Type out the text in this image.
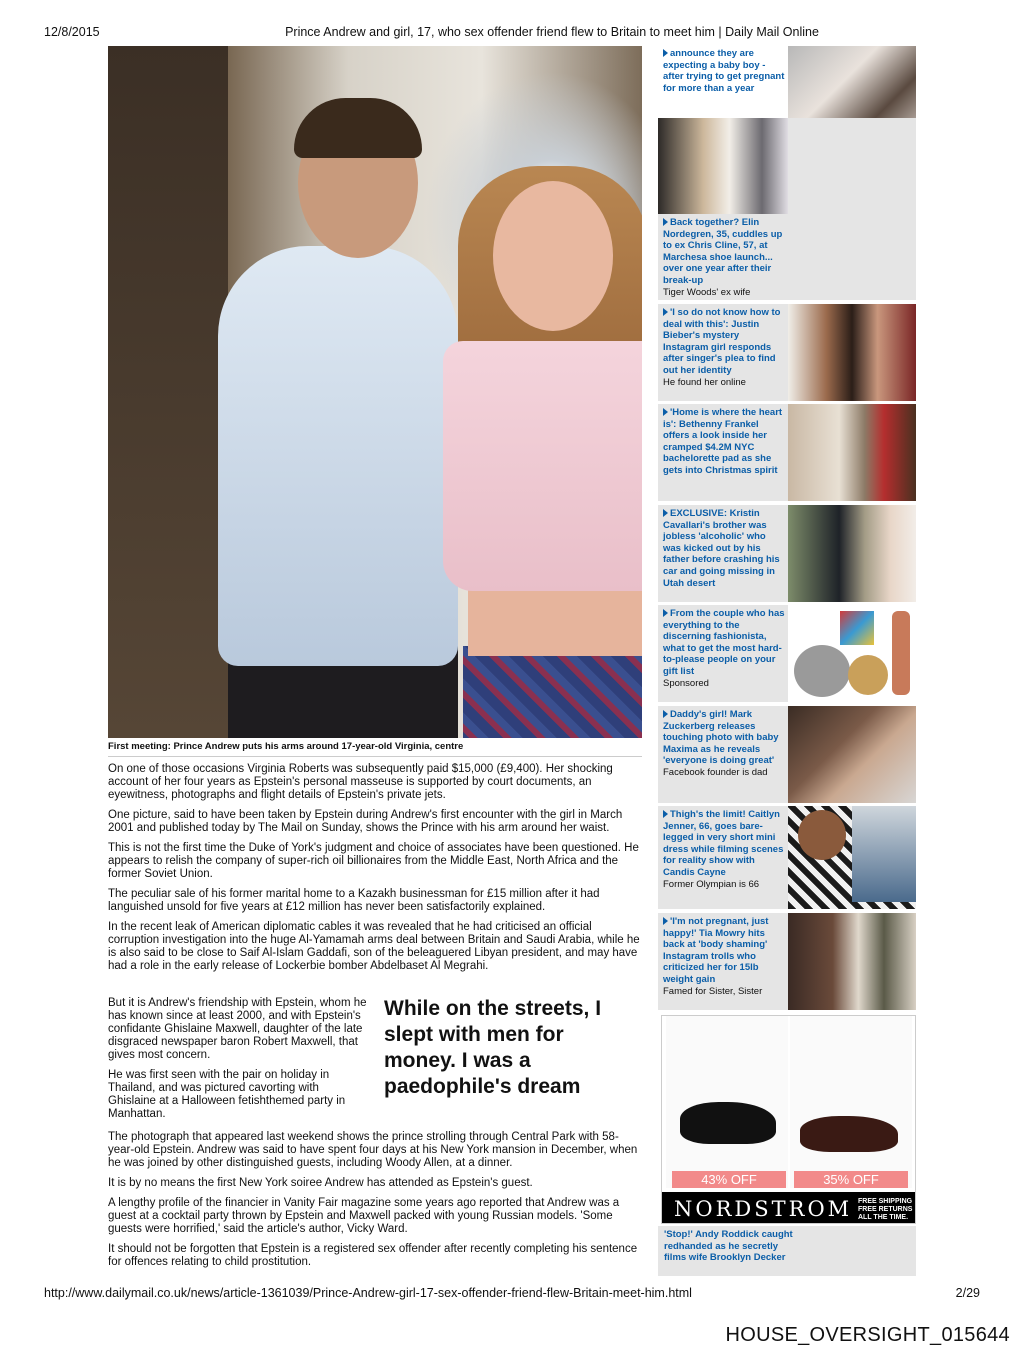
12/8/2015	Prince Andrew and girl, 17, who sex offender friend flew to Britain to meet him | Daily Mail Online
First meeting: Prince Andrew puts his arms around 17-year-old Virginia, centre

On one of those occasions Virginia Roberts was subsequently paid $15,000 (£9,400). Her shocking account of her four years as Epstein's personal masseuse is supported by court documents, an eyewitness, photographs and flight details of Epstein's private jets.

One picture, said to have been taken by Epstein during Andrew's first encounter with the girl in March 2001 and published today by The Mail on Sunday, shows the Prince with his arm around her waist.

This is not the first time the Duke of York's judgment and choice of associates have been questioned. He appears to relish the company of super-rich oil billionaires from the Middle East, North Africa and the former Soviet Union.

The peculiar sale of his former marital home to a Kazakh businessman for £15 million after it had languished unsold for five years at £12 million has never been satisfactorily explained.

In the recent leak of American diplomatic cables it was revealed that he had criticised an official corruption investigation into the huge Al-Yamamah arms deal between Britain and Saudi Arabia, while he is also said to be close to Saif Al-Islam Gaddafi, son of the beleaguered Libyan president, and may have had a role in the early release of Lockerbie bomber Abdelbaset Al Megrahi.

But it is Andrew's friendship with Epstein, whom he has known since at least 2000, and with Epstein's confidante Ghislaine Maxwell, daughter of the late disgraced newspaper baron Robert Maxwell, that gives most concern.

He was first seen with the pair on holiday in Thailand, and was pictured cavorting with Ghislaine at a Halloween fetishthemed party in Manhattan.

While on the streets, I slept with men for money. I was a paedophile's dream

The photograph that appeared last weekend shows the prince strolling through Central Park with 58-year-old Epstein. Andrew was said to have spent four days at his New York mansion in December, when he was joined by other distinguished guests, including Woody Allen, at a dinner.

It is by no means the first New York soiree Andrew has attended as Epstein's guest.

A lengthy profile of the financier in Vanity Fair magazine some years ago reported that Andrew was a guest at a cocktail party thrown by Epstein and Maxwell packed with young Russian models. 'Some guests were horrified,' said the article's author, Vicky Ward.

It should not be forgotten that Epstein is a registered sex offender after recently completing his sentence for offences relating to child prostitution.

announce they are expecting a baby boy - after trying to get pregnant for more than a year
Back together? Elin Nordegren, 35, cuddles up to ex Chris Cline, 57, at Marchesa shoe launch... over one year after their break-up
Tiger Woods' ex wife
'I so do not know how to deal with this': Justin Bieber's mystery Instagram girl responds after singer's plea to find out her identity
He found her online
'Home is where the heart is': Bethenny Frankel offers a look inside her cramped $4.2M NYC bachelorette pad as she gets into Christmas spirit
EXCLUSIVE: Kristin Cavallari's brother was jobless 'alcoholic' who was kicked out by his father before crashing his car and going missing in Utah desert
From the couple who has everything to the discerning fashionista, what to get the most hard-to-please people on your gift list
Sponsored
Daddy's girl! Mark Zuckerberg releases touching photo with baby Maxima as he reveals 'everyone is doing great'
Facebook founder is dad
Thigh's the limit! Caitlyn Jenner, 66, goes bare-legged in very short mini dress while filming scenes for reality show with Candis Cayne
Former Olympian is 66
'I'm not pregnant, just happy!' Tia Mowry hits back at 'body shaming' Instagram trolls who criticized her for 15lb weight gain
Famed for Sister, Sister
43% OFF	35% OFF
NORDSTROM FREE SHIPPING FREE RETURNS ALL THE TIME.
'Stop!' Andy Roddick caught redhanded as he secretly films wife Brooklyn Decker
http://www.dailymail.co.uk/news/article-1361039/Prince-Andrew-girl-17-sex-offender-friend-flew-Britain-meet-him.html	2/29
HOUSE_OVERSIGHT_015644
